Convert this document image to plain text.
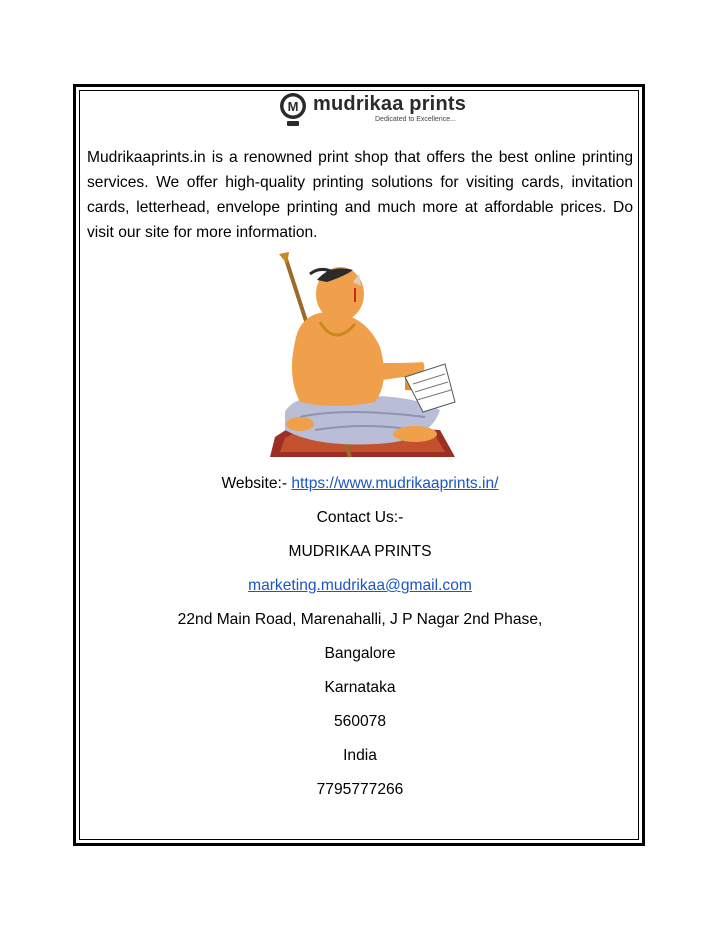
M mudrikaa prints
Dedicated to Excellence...

Mudrikaaprints.in is a renowned print shop that offers the best online printing services. We offer high-quality printing solutions for visiting cards, invitation cards, letterhead, envelope printing and much more at affordable prices. Do visit our site for more information.

Website:- https://www.mudrikaaprints.in/
Contact Us:-
MUDRIKAA PRINTS
marketing.mudrikaa@gmail.com
22nd Main Road, Marenahalli, J P Nagar 2nd Phase,
Bangalore
Karnataka
560078
India
7795777266
